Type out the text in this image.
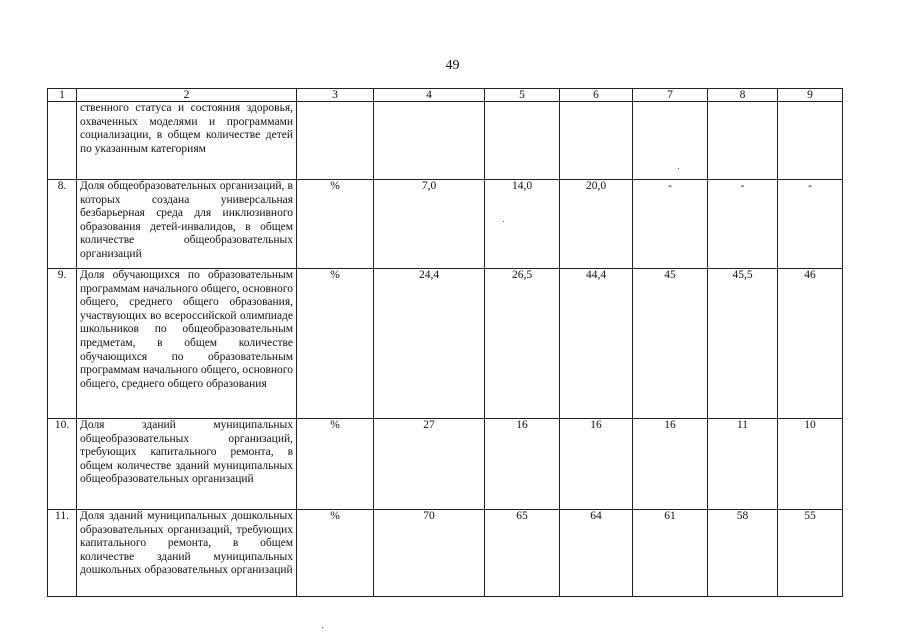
49
1	2	3	4	5	6	7	8	9
	ственного статуса и состояния здоровья, охваченных моделями и программами социализации, в общем количестве детей по указанным категориям							
8.	Доля общеобразовательных организаций, в которых создана универсальная безбарьерная среда для инклюзивного образования детей-инвалидов, в общем количестве общеобразовательных организаций	%	7,0	14,0	20,0	-	-	-
9.	Доля обучающихся по образовательным программам начального общего, основного общего, среднего общего образования, участвующих во всероссийской олимпиаде школьников по общеобразовательным предметам, в общем количестве обучающихся по образовательным программам начального общего, основного общего, среднего общего образования	%	24,4	26,5	44,4	45	45,5	46
10.	Доля зданий муниципальных общеобразовательных организаций, требующих капитального ремонта, в общем количестве зданий муниципальных общеобразовательных организаций	%	27	16	16	16	11	10
11.	Доля зданий муниципальных дошкольных образовательных организаций, требующих капитального ремонта, в общем количестве зданий муниципальных дошкольных образовательных организаций	%	70	65	64	61	58	55
